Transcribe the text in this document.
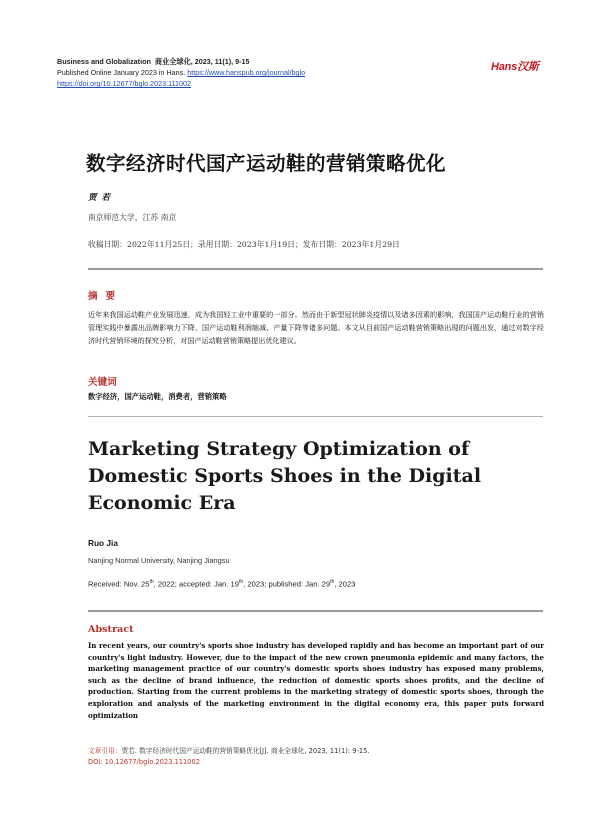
Business and Globalization 商业全球化, 2023, 11(1), 9-15
Published Online January 2023 in Hans. https://www.hanspub.org/journal/bglo
https://doi.org/10.12677/bglo.2023.111002
Hans汉斯
数字经济时代国产运动鞋的营销策略优化
贾若
南京师范大学，江苏 南京
收稿日期：2022年11月25日；录用日期：2023年1月19日；发布日期：2023年1月29日
摘要
近年来我国运动鞋产业发展迅速，成为我国轻工业中重要的一部分。然而由于新型冠状肺炎疫情以及诸多因素的影响，我国国产运动鞋行业的营销管理实践中暴露出品牌影响力下降、国产运动鞋利润缩减、产量下降等诸多问题。本文从目前国产运动鞋营销策略出现的问题出发，通过对数字经济时代营销环境的探究分析，对国产运动鞋营销策略提出优化建议。
关键词
数字经济，国产运动鞋，消费者，营销策略
Marketing Strategy Optimization of Domestic Sports Shoes in the Digital Economic Era
Ruo Jia
Nanjing Normal University, Nanjing Jiangsu
Received: Nov. 25th, 2022; accepted: Jan. 19th, 2023; published: Jan. 29th, 2023
Abstract
In recent years, our country's sports shoe industry has developed rapidly and has become an important part of our country's light industry. However, due to the impact of the new crown pneumonia epidemic and many factors, the marketing management practice of our country's domestic sports shoes industry has exposed many problems, such as the decline of brand influence, the reduction of domestic sports shoes profits, and the decline of production. Starting from the current problems in the marketing strategy of domestic sports shoes, through the exploration and analysis of the marketing environment in the digital economy era, this paper puts forward optimization
文章引用：贾若. 数字经济时代国产运动鞋的营销策略优化[J]. 商业全球化, 2023, 11(1): 9-15.
DOI: 10.12677/bglo.2023.111002
